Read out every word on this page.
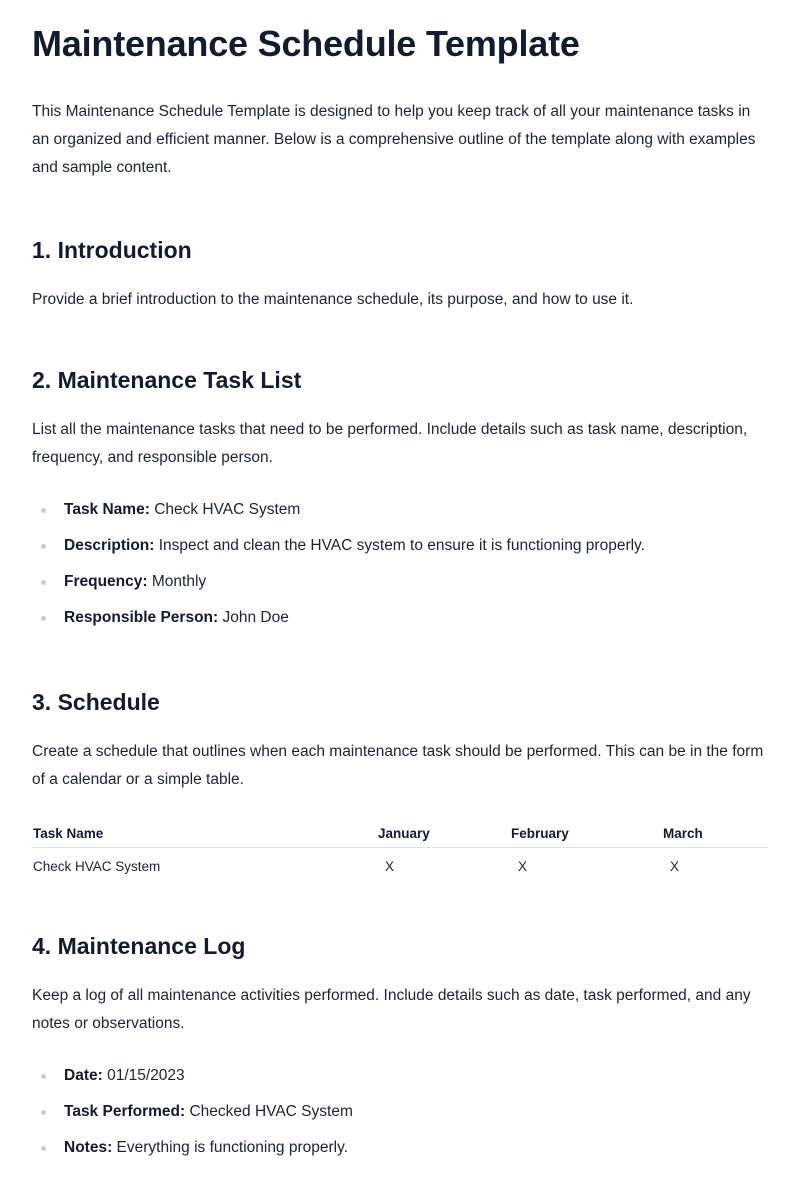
Maintenance Schedule Template

This Maintenance Schedule Template is designed to help you keep track of all your maintenance tasks in an organized and efficient manner. Below is a comprehensive outline of the template along with examples and sample content.

1. Introduction

Provide a brief introduction to the maintenance schedule, its purpose, and how to use it.

2. Maintenance Task List

List all the maintenance tasks that need to be performed. Include details such as task name, description, frequency, and responsible person.

Task Name: Check HVAC System
Description: Inspect and clean the HVAC system to ensure it is functioning properly.
Frequency: Monthly
Responsible Person: John Doe
3. Schedule

Create a schedule that outlines when each maintenance task should be performed. This can be in the form of a calendar or a simple table.

Task Name	January	February	March
Check HVAC System	X	X	X
4. Maintenance Log

Keep a log of all maintenance activities performed. Include details such as date, task performed, and any notes or observations.

Date: 01/15/2023
Task Performed: Checked HVAC System
Notes: Everything is functioning properly.
